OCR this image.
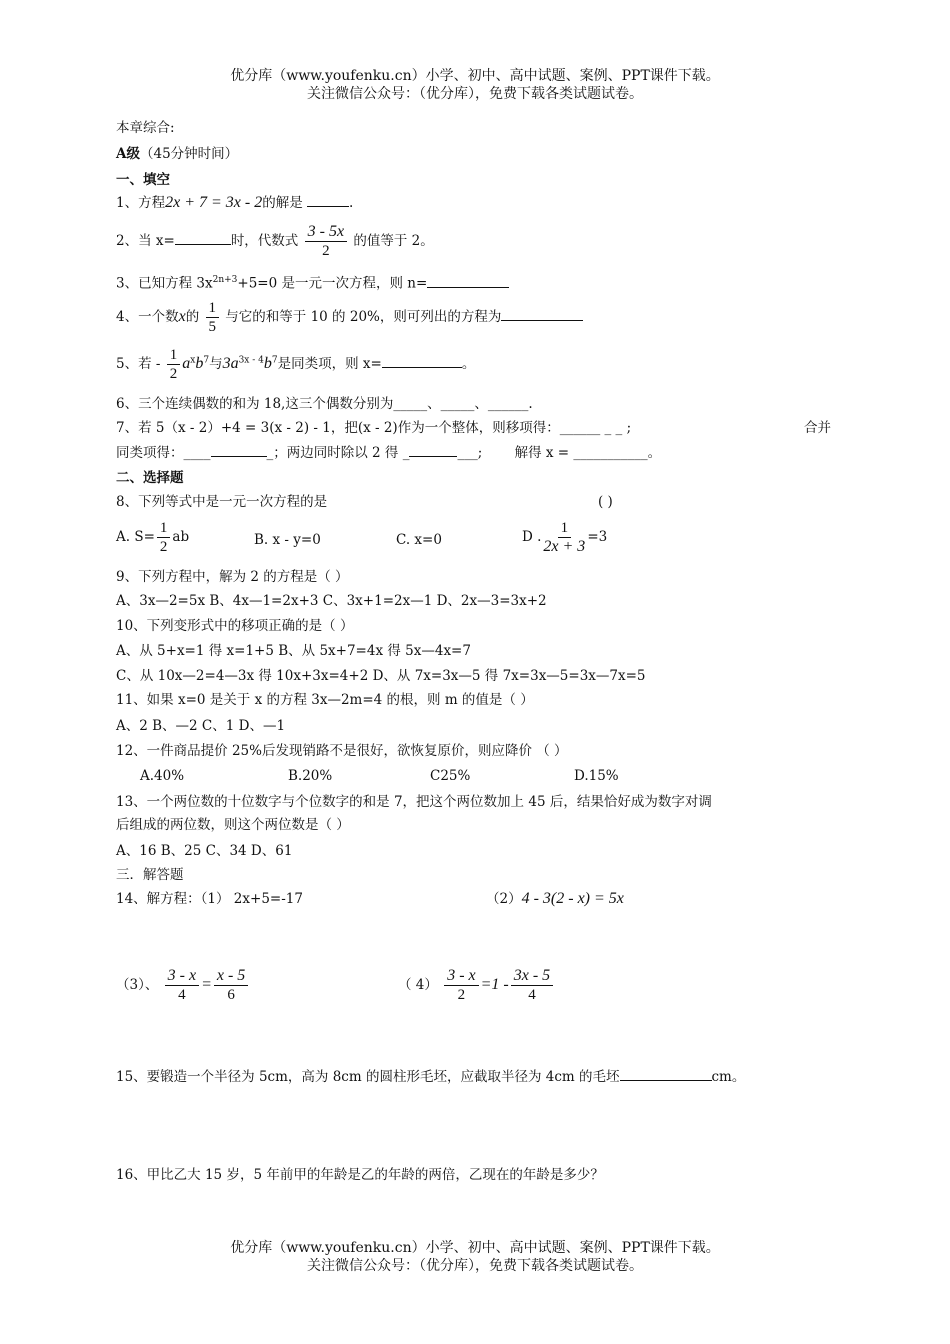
优分库（www.youfenku.cn）小学、初中、高中试题、案例、PPT课件下载。
关注微信公众号：（优分库），免费下载各类试题试卷。
本章综合:
A级（45分钟时间）
一、填空
1、方程2x + 7 = 3x - 2的解是	.
2、当 x=	时，代数式 $\frac{3 - 5x}{2}$ 的值等于 2。
3、已知方程 $3x^{2n+3}+5=0$ 是一元一次方程，则 n=
4、一个数x的 $\frac{1}{5}$ 与它的和等于 10 的 20%，则可列出的方程为
5、若 - $\frac{1}{2} a^xb^7$与$3a^{3x - 4}b^7$是同类项，则 x=	。
6、三个连续偶数的和为 18,这三个偶数分别为_____、_____、______.
7、若 5（x - 2）+4 = 3(x - 2) - 1，把(x - 2)作为一个整体，则移项得：______ _ _ ;	合并
同类项得：____	_；两边同时除以 2 得 _	___; 解得 x = ___________。
二、选择题
8、下列等式中是一元一次方程的是	( )
A. $S= \frac{1}{2}$ ab	B. x - y=0	C. x=0	D . $\frac{1}{2x + 3} =3$
9、下列方程中，解为 2 的方程是（ ）
A、3x—2=5x B、4x—1=2x+3 C、3x+1=2x—1 D、2x—3=3x+2
10、下列变形式中的移项正确的是（ ）
A、从 5+x=1 得 x=1+5 B、从 5x+7=4x 得 5x—4x=7
C、从 10x—2=4—3x 得 10x+3x=4+2 D、从 7x=3x—5 得 7x=3x—5=3x—7x=5
11、如果 x=0 是关于 x 的方程 3x—2m=4 的根，则 m 的值是（ ）
A、2 B、—2 C、1 D、—1
12、一件商品提价 25%后发现销路不是很好，欲恢复原价，则应降价 （ ）
A.40%	B.20%	C25%	D.15%
13、一个两位数的十位数字与个位数字的和是 7，把这个两位数加上 45 后，结果恰好成为数字对调
后组成的两位数，则这个两位数是（ ）
A、16 B、25 C、34 D、61
三．解答题
14、解方程：（1） 2x+5=-17	（2）4 - 3(2 - x) = 5x
（3）、 $\frac{3 - x}{4} = \frac{x - 5}{6}$	（ $4) \frac{3 - x}{2} =1 - \frac{3x - 5}{4}$
15、要锻造一个半径为 5cm，高为 8cm 的圆柱形毛坯，应截取半径为 4cm 的毛坯	cm。
16、甲比乙大 15 岁，5 年前甲的年龄是乙的年龄的两倍，乙现在的年龄是多少？
优分库（www.youfenku.cn）小学、初中、高中试题、案例、PPT课件下载。
关注微信公众号：（优分库），免费下载各类试题试卷。
